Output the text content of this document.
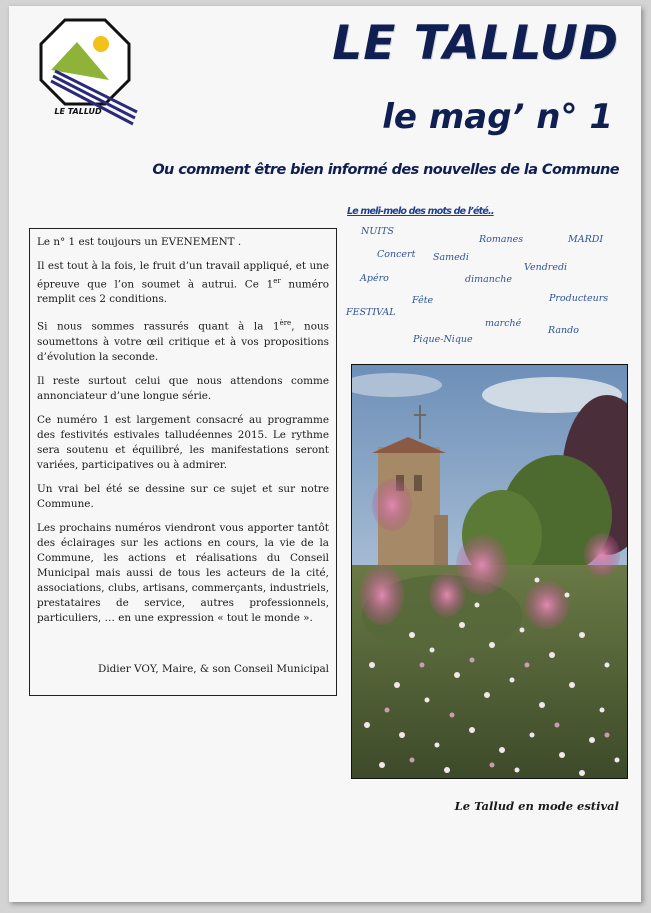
LE TALLUD
LE TALLUD
le mag’ n° 1
Ou comment être bien informé des nouvelles de la Commune

Le n° 1 est toujours un EVENEMENT .

Il est tout à la fois, le fruit d’un travail appliqué, et une épreuve que l’on soumet à autrui. Ce 1er numéro remplit ces 2 conditions.

Si nous sommes rassurés quant à la 1ère, nous soumettons à votre œil critique et à vos propositions d’évolution la seconde.

Il reste surtout celui que nous attendons comme annonciateur d’une longue série.

Ce numéro 1 est largement consacré au programme des festivités estivales talludéennes 2015. Le rythme sera soutenu et équilibré, les manifestations seront variées, participatives ou à admirer.

Un vrai bel été se dessine sur ce sujet et sur notre Commune.

Les prochains numéros viendront vous apporter tantôt des éclairages sur les actions en cours, la vie de la Commune, les actions et réalisations du Conseil Municipal mais aussi de tous les acteurs de la cité, associations, clubs, artisans, commerçants, industriels, prestataires de service, autres professionnels, particuliers, … en une expression « tout le monde ».

Didier VOY, Maire, & son Conseil Municipal
Le meli-melo des mots de l’été..
NUITS
Romanes	MARDI
Concert Samedi
Vendredi
Apéro	dimanche
Fête	Producteurs
FESTIVAL
marché
Rando
Pique-Nique
Le Tallud en mode estival
